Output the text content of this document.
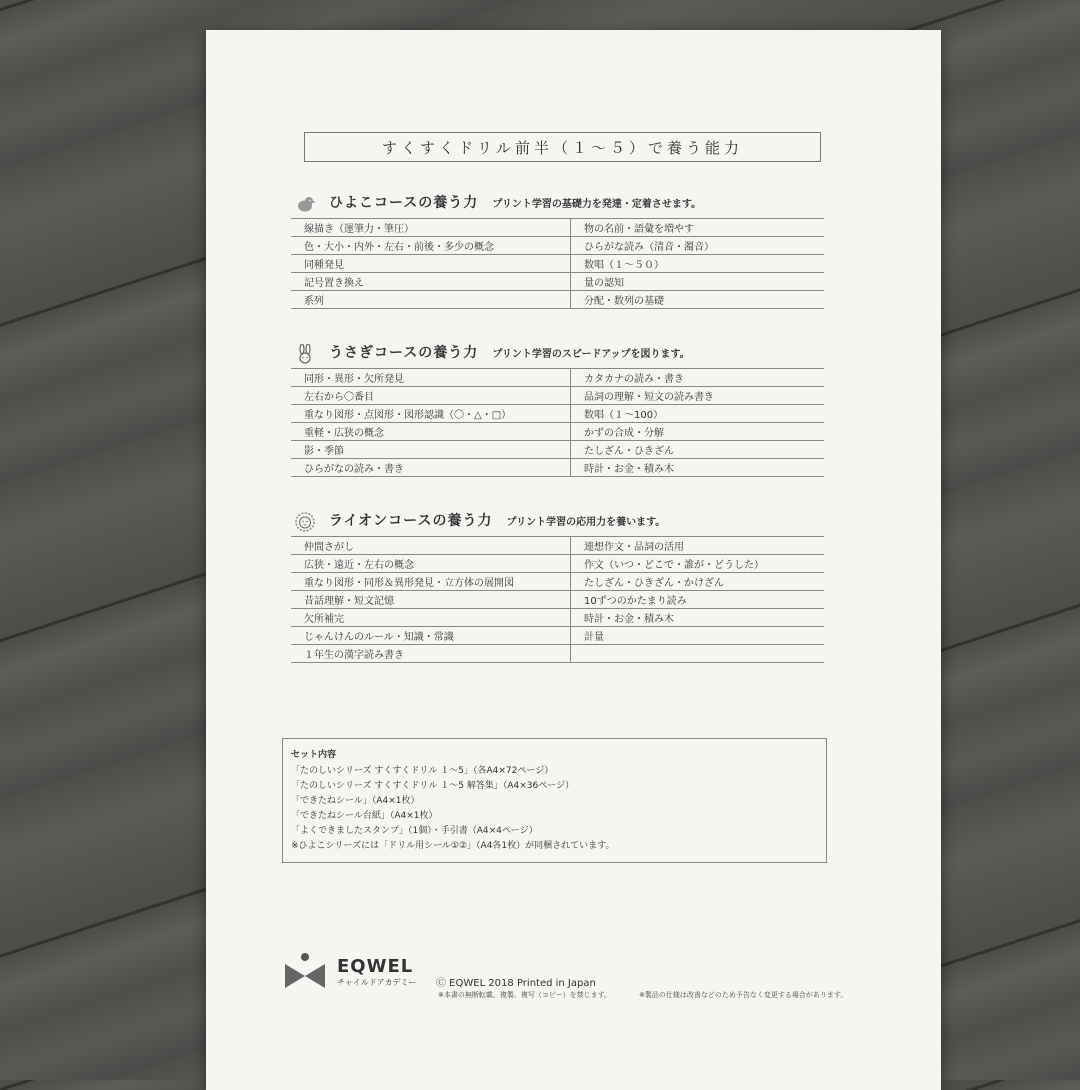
すくすくドリル前半（１～５）で養う能力
ひよこコースの養う力 プリント学習の基礎力を発達・定着させます。
線描き（運筆力・筆圧）	物の名前・語彙を増やす
色・大小・内外・左右・前後・多少の概念	ひらがな読み（清音・濁音）
同種発見	数唱（１～５０）
記号置き換え	量の認知
系列	分配・数列の基礎
うさぎコースの養う力 プリント学習のスピードアップを図ります。
同形・異形・欠所発見	カタカナの読み・書き
左右から〇番目	品詞の理解・短文の読み書き
重なり図形・点図形・図形認識（〇・△・□）	数唱（１～100）
重軽・広狭の概念	かずの合成・分解
影・季節	たしざん・ひきざん
ひらがなの読み・書き	時計・お金・積み木
ライオンコースの養う力 プリント学習の応用力を養います。
仲間さがし	連想作文・品詞の活用
広狭・遠近・左右の概念	作文（いつ・どこで・誰が・どうした）
重なり図形・同形＆異形発見・立方体の展開図	たしざん・ひきざん・かけざん
昔話理解・短文記憶	10ずつのかたまり読み
欠所補完	時計・お金・積み木
じゃんけんのルール・知識・常識	計量
１年生の漢字読み書き	
セット内容
「たのしいシリーズ すくすくドリル １～5」（各A4×72ページ）
「たのしいシリーズ すくすくドリル １～5 解答集」（A4×36ページ）
「できたねシール」（A4×1枚）
「できたねシール台紙」（A4×1枚）
「よくできましたスタンプ」（1個）・手引書（A4×4ページ）
※ひよこシリーズには「ドリル用シール①②」（A4各1枚）が同梱されています。
EQWEL
チャイルドアカデミー Ⓒ EQWEL 2018 Printed in Japan
※本書の無断転載、複製、複写（コピー）を禁じます。	※製品の仕様は改善などのため予告なく変更する場合があります。
